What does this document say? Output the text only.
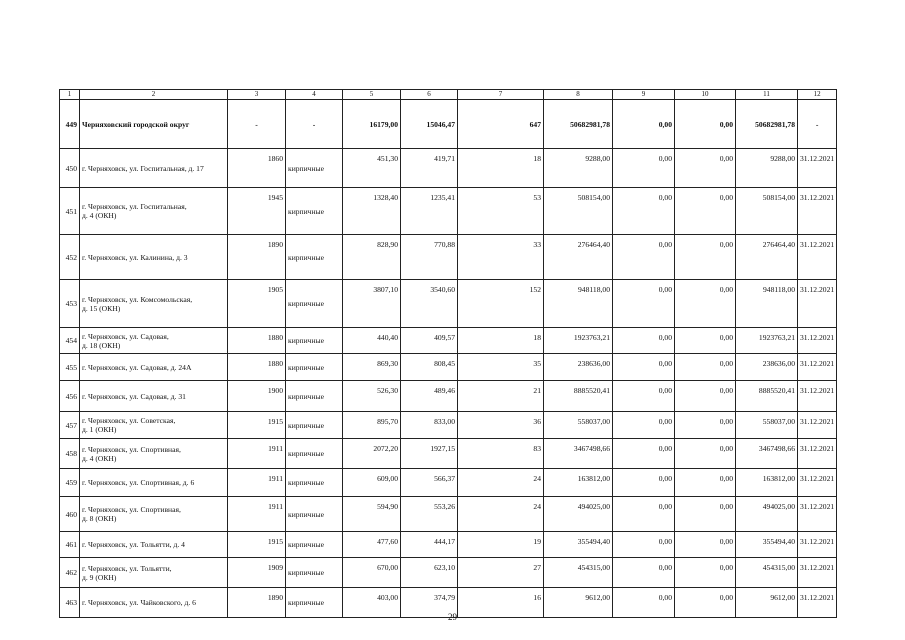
1	2	3	4	5	6	7	8	9	10	11	12
449	Черняховский городской округ	-	-	16179,00	15046,47	647	50682981,78	0,00	0,00	50682981,78	-
450	г. Черняховск, ул. Госпитальная, д. 17	1860	кирпичные	451,30	419,71	18	9288,00	0,00	0,00	9288,00	31.12.2021
451	г. Черняховск, ул. Госпитальная,
д. 4 (ОКН)	1945	кирпичные	1328,40	1235,41	53	508154,00	0,00	0,00	508154,00	31.12.2021
452	г. Черняховск, ул. Калинина, д. 3	1890	кирпичные	828,90	770,88	33	276464,40	0,00	0,00	276464,40	31.12.2021
453	г. Черняховск, ул. Комсомольская,
д. 15 (ОКН)	1905	кирпичные	3807,10	3540,60	152	948118,00	0,00	0,00	948118,00	31.12.2021
454	г. Черняховск, ул. Садовая,
д. 18 (ОКН)	1880	кирпичные	440,40	409,57	18	1923763,21	0,00	0,00	1923763,21	31.12.2021
455	г. Черняховск, ул. Садовая, д. 24А	1880	кирпичные	869,30	808,45	35	238636,00	0,00	0,00	238636,00	31.12.2021
456	г. Черняховск, ул. Садовая, д. 31	1900	кирпичные	526,30	489,46	21	8885520,41	0,00	0,00	8885520,41	31.12.2021
457	г. Черняховск, ул. Советская,
д. 1 (ОКН)	1915	кирпичные	895,70	833,00	36	558037,00	0,00	0,00	558037,00	31.12.2021
458	г. Черняховск, ул. Спортивная,
д. 4 (ОКН)	1911	кирпичные	2072,20	1927,15	83	3467498,66	0,00	0,00	3467498,66	31.12.2021
459	г. Черняховск, ул. Спортивная, д. 6	1911	кирпичные	609,00	566,37	24	163812,00	0,00	0,00	163812,00	31.12.2021
460	г. Черняховск, ул. Спортивная,
д. 8 (ОКН)	1911	кирпичные	594,90	553,26	24	494025,00	0,00	0,00	494025,00	31.12.2021
461	г. Черняховск, ул. Тольятти, д. 4	1915	кирпичные	477,60	444,17	19	355494,40	0,00	0,00	355494,40	31.12.2021
462	г. Черняховск, ул. Тольятти,
д. 9 (ОКН)	1909	кирпичные	670,00	623,10	27	454315,00	0,00	0,00	454315,00	31.12.2021
463	г. Черняховск, ул. Чайковского, д. 6	1890	кирпичные	403,00	374,79	16	9612,00	0,00	0,00	9612,00	31.12.2021
29
